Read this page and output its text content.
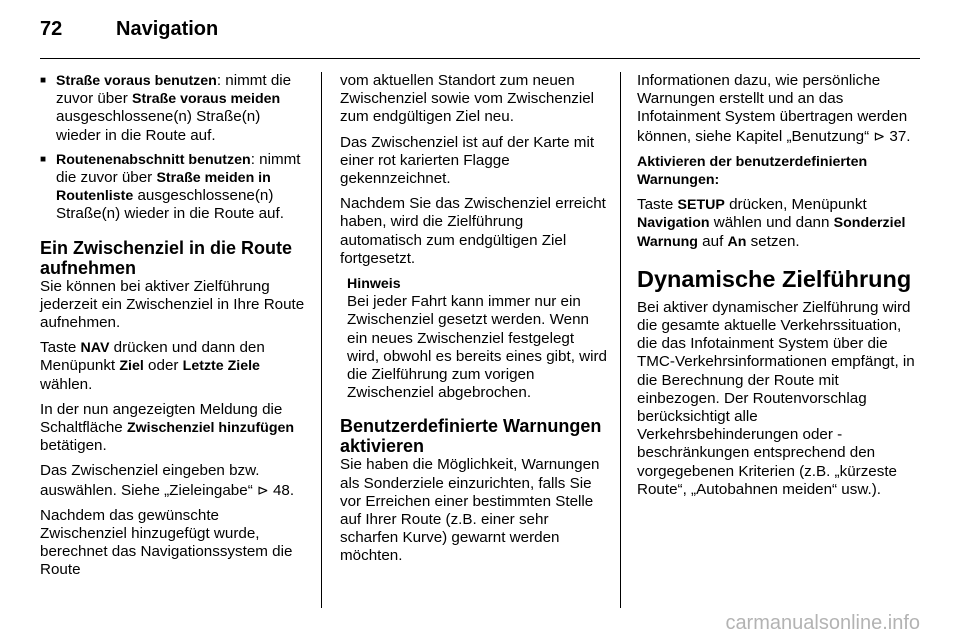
72	Navigation
■ Straße voraus benutzen: nimmt die zuvor über Straße voraus meiden ausgeschlossene(n) Straße(n) wieder in die Route auf.
■ Routenenabschnitt benutzen: nimmt die zuvor über Straße meiden in Routenliste ausgeschlossene(n) Straße(n) wieder in die Route auf.
Ein Zwischenziel in die Route aufnehmen

Sie können bei aktiver Zielführung jederzeit ein Zwischenziel in Ihre Route aufnehmen.

Taste NAV drücken und dann den Menüpunkt Ziel oder Letzte Ziele wählen.

In der nun angezeigten Meldung die Schaltfläche Zwischenziel hinzufügen betätigen.

Das Zwischenziel eingeben bzw. auswählen. Siehe „Zieleingabe“ ⊳ 48.

Nachdem das gewünschte Zwischenziel hinzugefügt wurde, berechnet das Navigationssystem die Route

vom aktuellen Standort zum neuen Zwischenziel sowie vom Zwischenziel zum endgültigen Ziel neu.

Das Zwischenziel ist auf der Karte mit einer rot karierten Flagge gekennzeichnet.

Nachdem Sie das Zwischenziel erreicht haben, wird die Zielführung automatisch zum endgültigen Ziel fortgesetzt.

Hinweis
Bei jeder Fahrt kann immer nur ein Zwischenziel gesetzt werden. Wenn ein neues Zwischenziel festgelegt wird, obwohl es bereits eines gibt, wird die Zielführung zum vorigen Zwischenziel abgebrochen.
Benutzerdefinierte Warnungen aktivieren

Sie haben die Möglichkeit, Warnungen als Sonderziele einzurichten, falls Sie vor Erreichen einer bestimmten Stelle auf Ihrer Route (z.B. einer sehr scharfen Kurve) gewarnt werden möchten.

Informationen dazu, wie persönliche Warnungen erstellt und an das Infotainment System übertragen werden können, siehe Kapitel „Benutzung“ ⊳ 37.

Aktivieren der benutzerdefinierten Warnungen:

Taste SETUP drücken, Menüpunkt Navigation wählen und dann Sonderziel Warnung auf An setzen.

Dynamische Zielführung

Bei aktiver dynamischer Zielführung wird die gesamte aktuelle Verkehrssituation, die das Infotainment System über die TMC-Verkehrsinformationen empfängt, in die Berechnung der Route mit einbezogen. Der Routenvorschlag berücksichtigt alle Verkehrsbehinderungen oder -beschränkungen entsprechend den vorgegebenen Kriterien (z.B. „kürzeste Route“, „Autobahnen meiden“ usw.).

carmanualsonline.info
